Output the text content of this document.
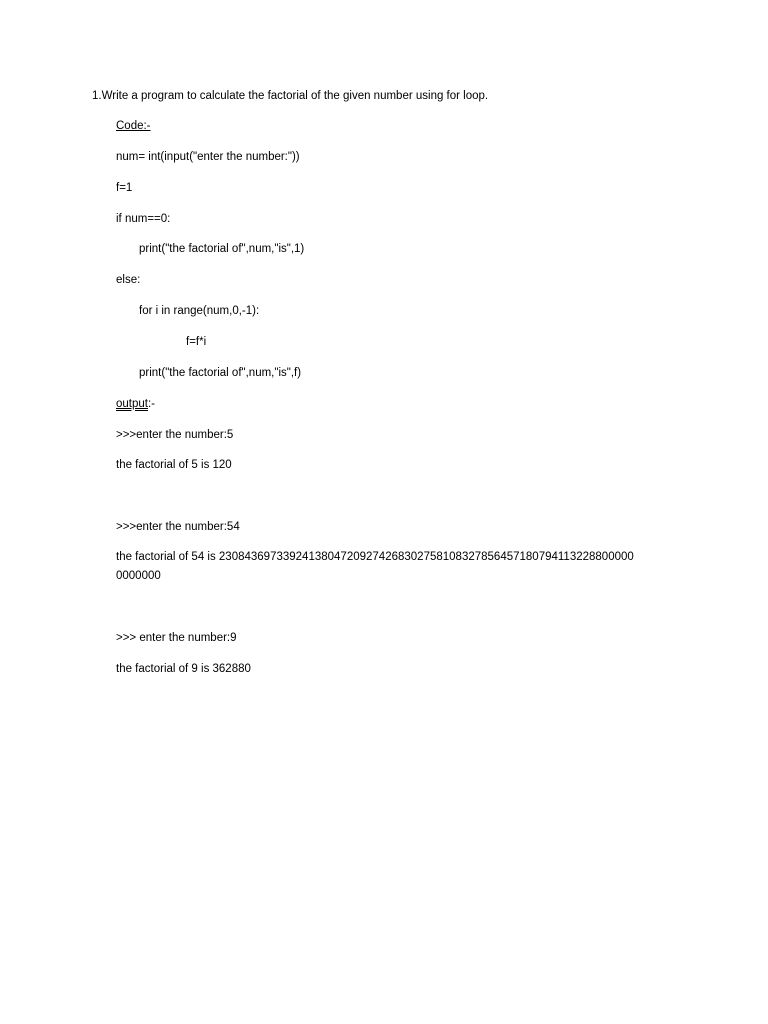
1.Write a program to calculate the factorial of the given number using for loop.

Code:-

num= int(input("enter the number:"))

f=1

if num==0:

print("the factorial of",num,"is",1)

else:

for i in range(num,0,-1):

f=f*i

print("the factorial of",num,"is",f)

output:-

>>>enter the number:5

the factorial of 5 is 120

>>>enter the number:54

the factorial of 54 is 230843697339241380472092742683027581083278564571807941132288000000000000

>>> enter the number:9

the factorial of 9 is 362880
